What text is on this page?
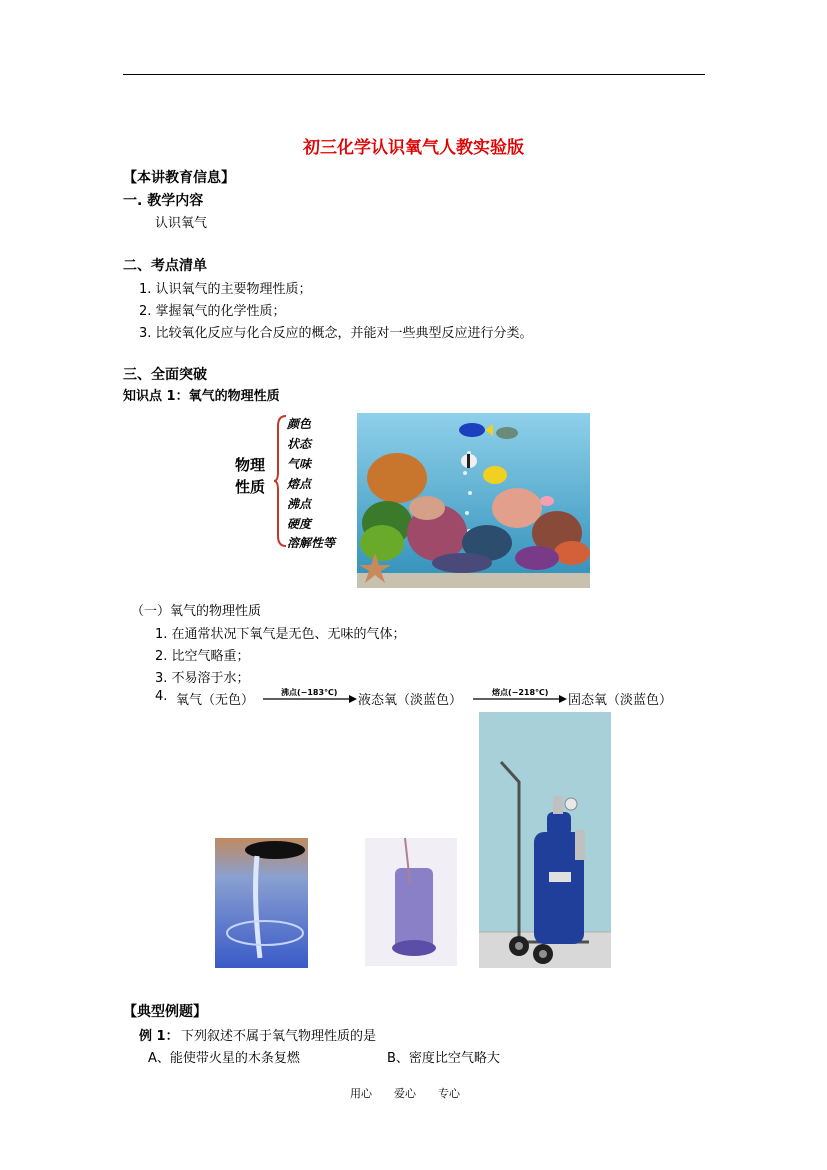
初三化学认识氧气人教实验版
【本讲教育信息】
一. 教学内容
认识氧气
二、考点清单
1. 认识氧气的主要物理性质；
2. 掌握氧气的化学性质；
3. 比较氧化反应与化合反应的概念，并能对一些典型反应进行分类。
三、全面突破
知识点 1：氧气的物理性质
物理
性质
颜色
状态
气味
熔点
沸点
硬度
溶解性等
（一）氧气的物理性质
1. 在通常状况下氧气是无色、无味的气体；
2. 比空气略重；
3. 不易溶于水；
4. 氧气（无色）
沸点(−183℃)
液态氧（淡蓝色）
熔点(−218℃)
固态氧（淡蓝色）
【典型例题】
例 1： 下列叙述不属于氧气物理性质的是
A、能使带火星的木条复燃	B、密度比空气略大
用心　　爱心　　专心
